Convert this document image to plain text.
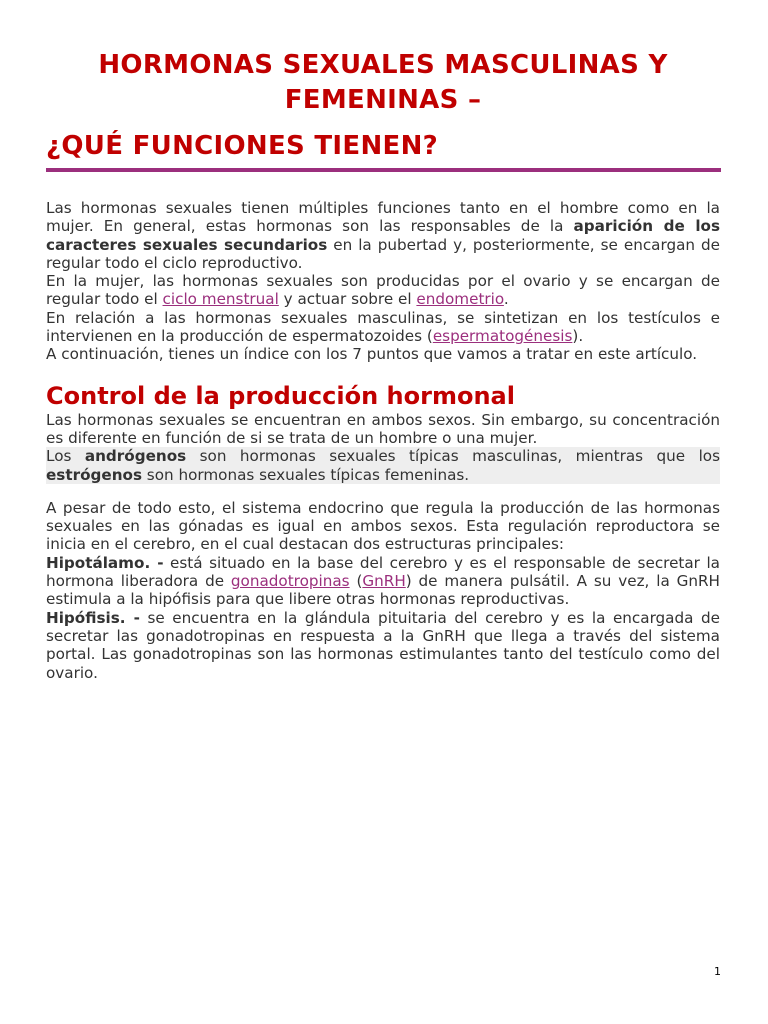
HORMONAS SEXUALES MASCULINAS Y FEMENINAS –
¿QUÉ FUNCIONES TIENEN?

Las hormonas sexuales tienen múltiples funciones tanto en el hombre como en la mujer. En general, estas hormonas son las responsables de la aparición de los caracteres sexuales secundarios en la pubertad y, posteriormente, se encargan de regular todo el ciclo reproductivo.

En la mujer, las hormonas sexuales son producidas por el ovario y se encargan de regular todo el ciclo menstrual y actuar sobre el endometrio.

En relación a las hormonas sexuales masculinas, se sintetizan en los testículos e intervienen en la producción de espermatozoides (espermatogénesis).

A continuación, tienes un índice con los 7 puntos que vamos a tratar en este artículo.

Control de la producción hormonal

Las hormonas sexuales se encuentran en ambos sexos. Sin embargo, su concentración es diferente en función de si se trata de un hombre o una mujer.

Los andrógenos son hormonas sexuales típicas masculinas, mientras que los estrógenos son hormonas sexuales típicas femeninas.

A pesar de todo esto, el sistema endocrino que regula la producción de las hormonas sexuales en las gónadas es igual en ambos sexos. Esta regulación reproductora se inicia en el cerebro, en el cual destacan dos estructuras principales:

Hipotálamo. - está situado en la base del cerebro y es el responsable de secretar la hormona liberadora de gonadotropinas (GnRH) de manera pulsátil. A su vez, la GnRH estimula a la hipófisis para que libere otras hormonas reproductivas.

Hipófisis. - se encuentra en la glándula pituitaria del cerebro y es la encargada de secretar las gonadotropinas en respuesta a la GnRH que llega a través del sistema portal. Las gonadotropinas son las hormonas estimulantes tanto del testículo como del ovario.

1
